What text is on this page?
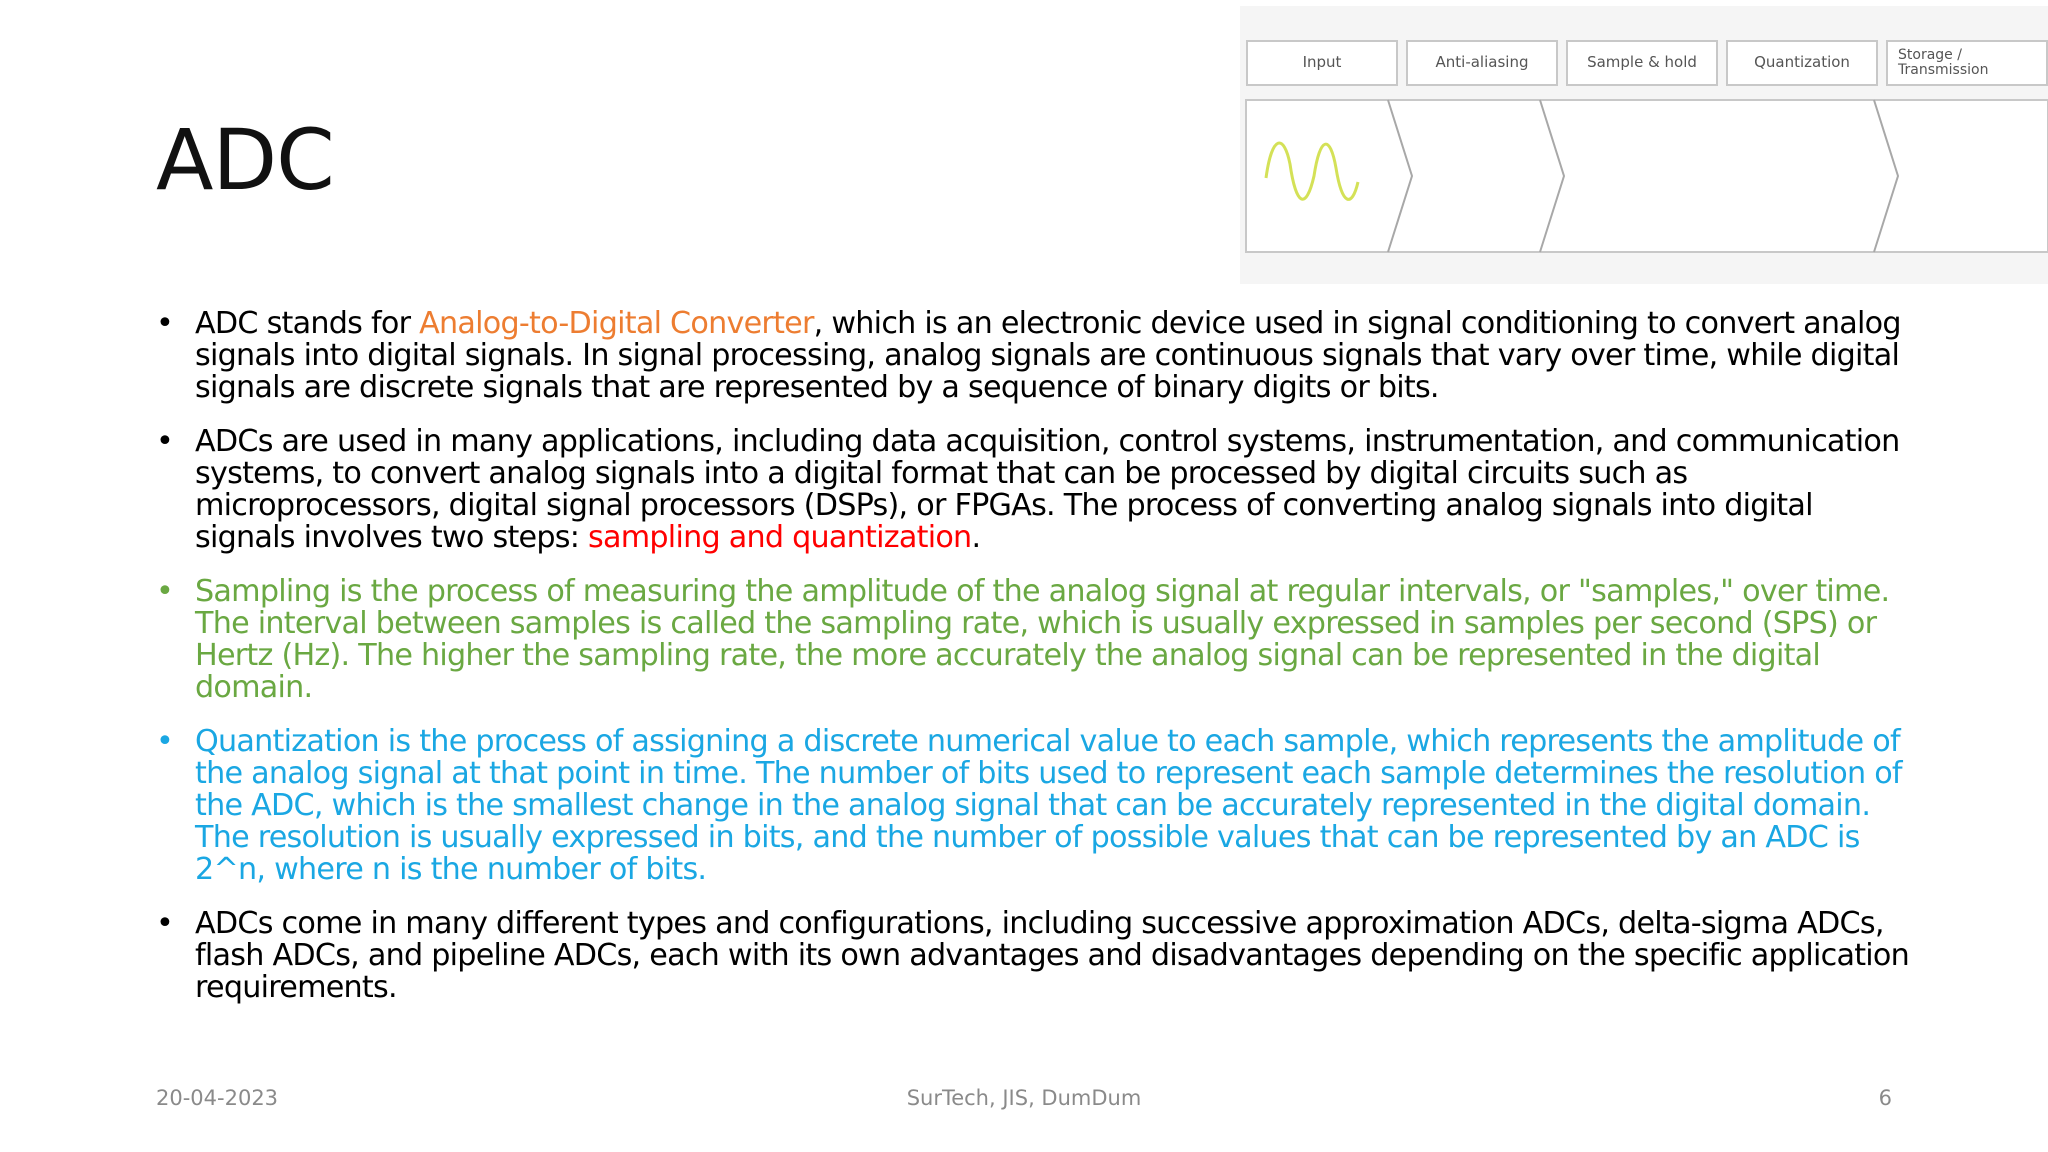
ADC
Input	Anti-aliasing	Sample & hold	Quantization	Storage / Transmission
• ADC stands for Analog-to-Digital Converter, which is an electronic device used in signal conditioning to convert analog signals into digital signals. In signal processing, analog signals are continuous signals that vary over time, while digital signals are discrete signals that are represented by a sequence of binary digits or bits.
• ADCs are used in many applications, including data acquisition, control systems, instrumentation, and communication systems, to convert analog signals into a digital format that can be processed by digital circuits such as microprocessors, digital signal processors (DSPs), or FPGAs. The process of converting analog signals into digital signals involves two steps: sampling and quantization.
• Sampling is the process of measuring the amplitude of the analog signal at regular intervals, or "samples," over time. The interval between samples is called the sampling rate, which is usually expressed in samples per second (SPS) or Hertz (Hz). The higher the sampling rate, the more accurately the analog signal can be represented in the digital domain.
• Quantization is the process of assigning a discrete numerical value to each sample, which represents the amplitude of the analog signal at that point in time. The number of bits used to represent each sample determines the resolution of the ADC, which is the smallest change in the analog signal that can be accurately represented in the digital domain. The resolution is usually expressed in bits, and the number of possible values that can be represented by an ADC is 2^n, where n is the number of bits.
• ADCs come in many different types and configurations, including successive approximation ADCs, delta-sigma ADCs, flash ADCs, and pipeline ADCs, each with its own advantages and disadvantages depending on the specific application requirements.
20-04-2023	SurTech, JIS, DumDum	6
